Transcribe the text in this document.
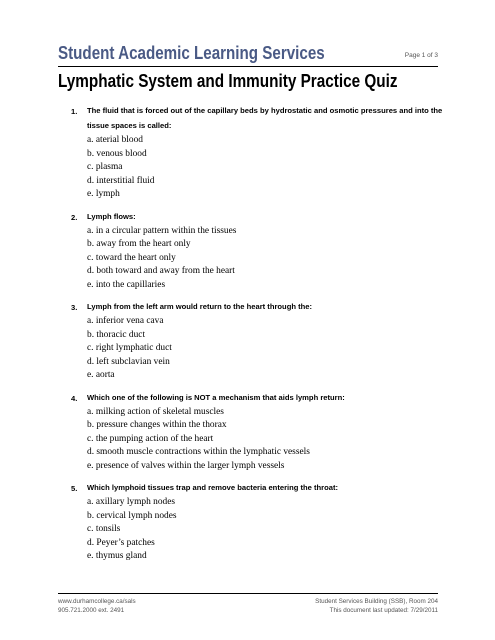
Student Academic Learning Services	Page 1 of 3
Lymphatic System and Immunity Practice Quiz
1.	The fluid that is forced out of the capillary beds by hydrostatic and osmotic pressures and into the tissue spaces is called:
a. aterial blood
b. venous blood
c. plasma
d. interstitial fluid
e. lymph
2.	Lymph flows:
a. in a circular pattern within the tissues
b. away from the heart only
c. toward the heart only
d. both toward and away from the heart
e. into the capillaries
3.	Lymph from the left arm would return to the heart through the:
a. inferior vena cava
b. thoracic duct
c. right lymphatic duct
d. left subclavian vein
e. aorta
4.	Which one of the following is NOT a mechanism that aids lymph return:
a. milking action of skeletal muscles
b. pressure changes within the thorax
c. the pumping action of the heart
d. smooth muscle contractions within the lymphatic vessels
e. presence of valves within the larger lymph vessels
5.	Which lymphoid tissues trap and remove bacteria entering the throat:
a. axillary lymph nodes
b. cervical lymph nodes
c. tonsils
d. Peyer’s patches
e. thymus gland
www.durhamcollege.ca/sals
905.721.2000 ext. 2491
Student Services Building (SSB), Room 204
This document last updated: 7/29/2011
